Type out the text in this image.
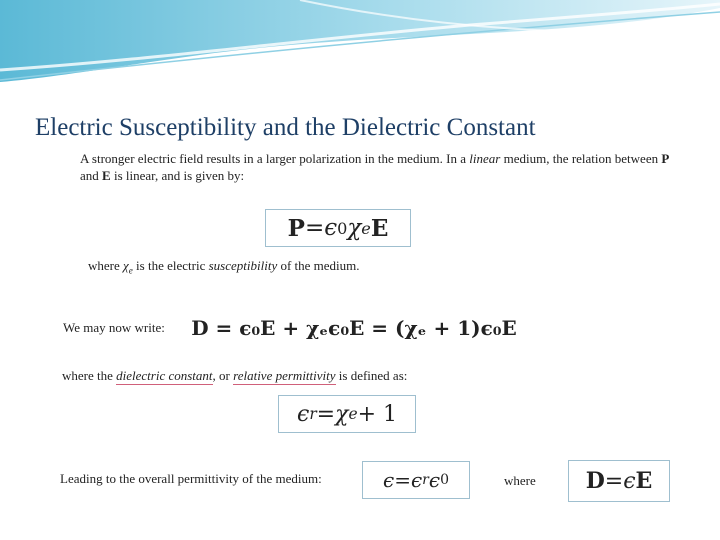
Electric Susceptibility and the Dielectric Constant
A stronger electric field results in a larger polarization in the medium. In a linear medium, the relation between P and E is linear, and is given by:
P = ϵ 0 χ e E
where $\chi_e$ is the electric susceptibility of the medium.
We may now write: D = ϵ₀E + χₑϵ₀E = (χₑ + 1)ϵ₀E
where the dielectric constant, or relative permittivity is defined as:
ϵ r = χ e + 1
Leading to the overall permittivity of the medium:	ϵ = ϵ r ϵ 0	where D = ϵ E
